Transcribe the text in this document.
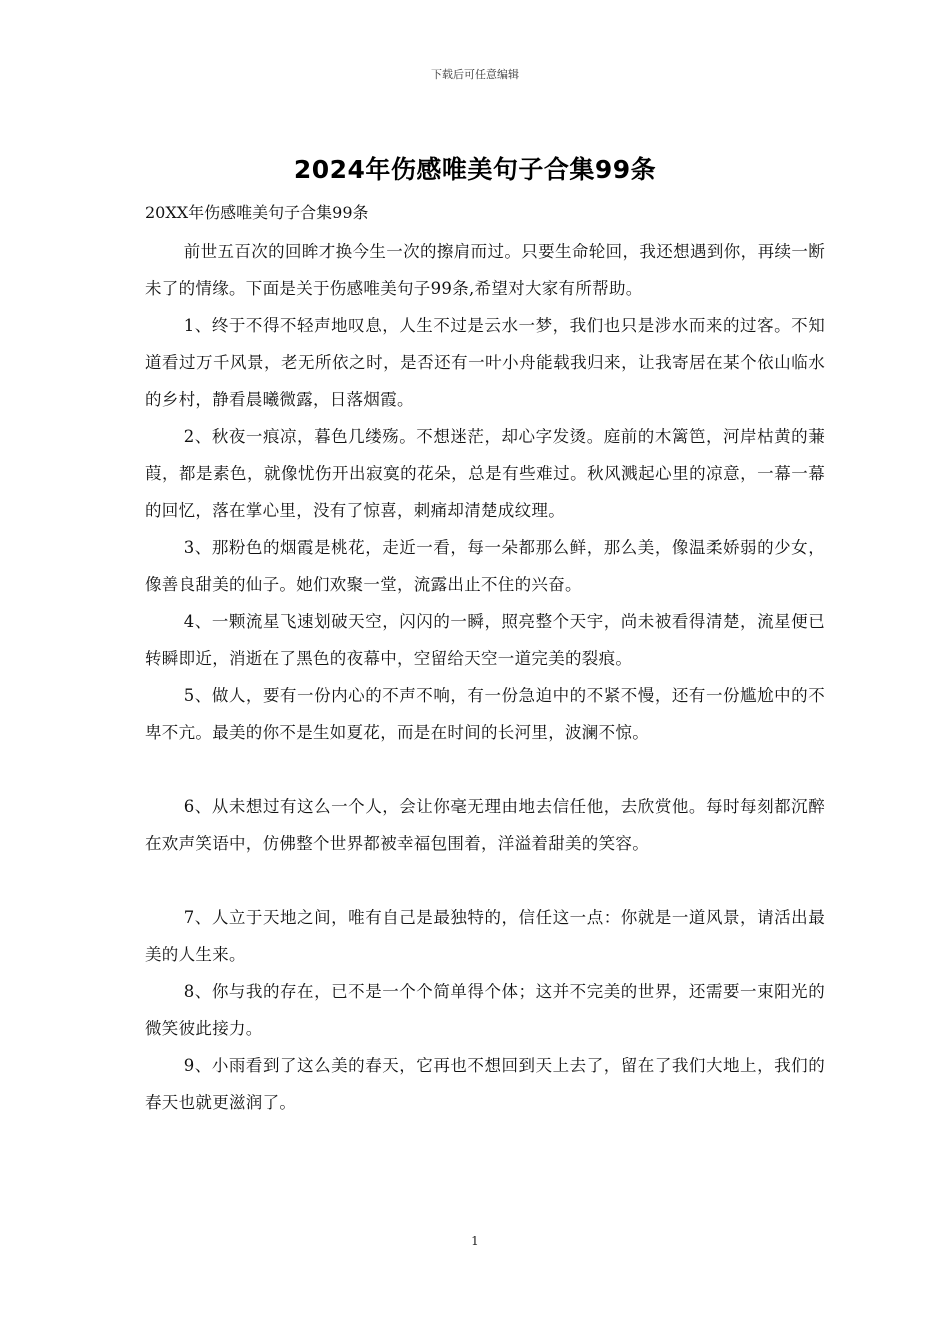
下载后可任意编辑
2024年伤感唯美句子合集99条

20XX年伤感唯美句子合集99条

前世五百次的回眸才换今生一次的擦肩而过。只要生命轮回，我还想遇到你，再续一断未了的情缘。下面是关于伤感唯美句子99条,希望对大家有所帮助。

1、终于不得不轻声地叹息，人生不过是云水一梦，我们也只是涉水而来的过客。不知道看过万千风景，老无所依之时，是否还有一叶小舟能载我归来，让我寄居在某个依山临水的乡村，静看晨曦微露，日落烟霞。

2、秋夜一痕凉，暮色几缕殇。不想迷茫，却心字发烫。庭前的木篱笆，河岸枯黄的蒹葭，都是素色，就像忧伤开出寂寞的花朵，总是有些难过。秋风溅起心里的凉意，一幕一幕的回忆，落在掌心里，没有了惊喜，刺痛却清楚成纹理。

3、那粉色的烟霞是桃花，走近一看，每一朵都那么鲜，那么美，像温柔娇弱的少女，像善良甜美的仙子。她们欢聚一堂，流露出止不住的兴奋。

4、一颗流星飞速划破天空，闪闪的一瞬，照亮整个天宇，尚未被看得清楚，流星便已转瞬即近，消逝在了黑色的夜幕中，空留给天空一道完美的裂痕。

5、做人，要有一份内心的不声不响，有一份急迫中的不紧不慢，还有一份尴尬中的不卑不亢。最美的你不是生如夏花，而是在时间的长河里，波澜不惊。

6、从未想过有这么一个人，会让你毫无理由地去信任他，去欣赏他。每时每刻都沉醉在欢声笑语中，仿佛整个世界都被幸福包围着，洋溢着甜美的笑容。

7、人立于天地之间，唯有自己是最独特的，信任这一点：你就是一道风景，请活出最美的人生来。

8、你与我的存在，已不是一个个简单得个体；这并不完美的世界，还需要一束阳光的微笑彼此接力。

9、小雨看到了这么美的春天，它再也不想回到天上去了，留在了我们大地上，我们的春天也就更滋润了。

1
